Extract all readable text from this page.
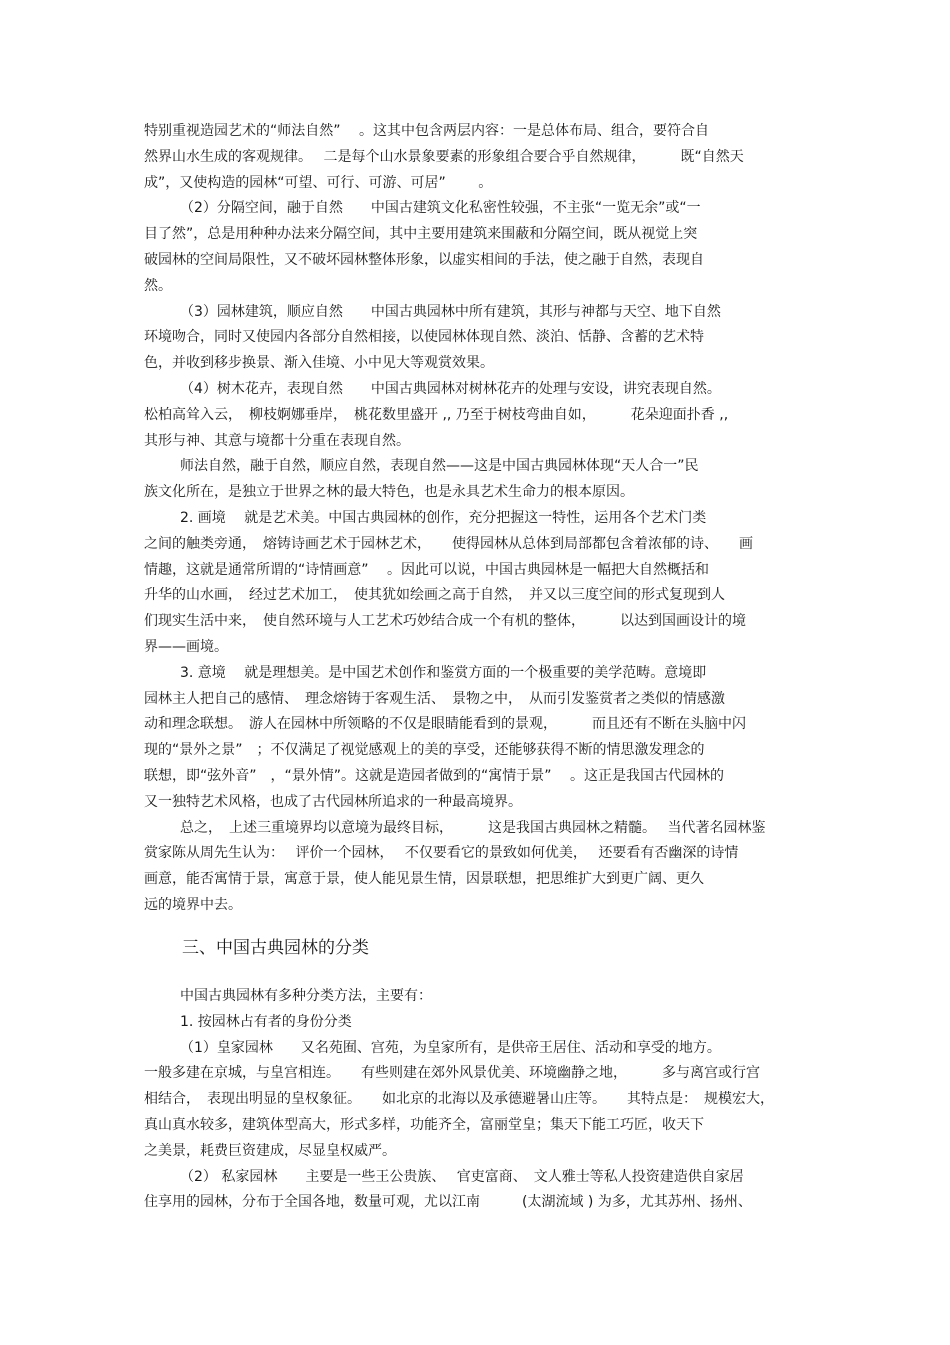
特别重视造园艺术的“师法自然”　 。这其中包含两层内容：一是总体布局、组合，要符合自
然界山水生成的客观规律。　 二是每个山水景象要素的形象组合要合乎自然规律，　　　既“自然天
成”，又使构造的园林“可望、可行、可游、可居”　　 。
（2）分隔空间，融于自然　　中国古建筑文化私密性较强，不主张“一览无余”或“一
目了然”，总是用种种办法来分隔空间，其中主要用建筑来围蔽和分隔空间，既从视觉上突
破园林的空间局限性，又不破坏园林整体形象，以虚实相间的手法，使之融于自然，表现自
然。
（3）园林建筑，顺应自然　　中国古典园林中所有建筑，其形与神都与天空、地下自然
环境吻合，同时又使园内各部分自然相接，以使园林体现自然、淡泊、恬静、含蓄的艺术特
色，并收到移步换景、渐入佳境、小中见大等观赏效果。
（4）树木花卉，表现自然　　中国古典园林对树林花卉的处理与安设，讲究表现自然。
松柏高耸入云，　柳枝婀娜垂岸，　桃花数里盛开 ,, 乃至于树枝弯曲自如，　　　花朵迎面扑香 ,,
其形与神、其意与境都十分重在表现自然。
师法自然，融于自然，顺应自然，表现自然——这是中国古典园林体现“天人合一”民
族文化所在，是独立于世界之林的最大特色，也是永具艺术生命力的根本原因。
2. 画境　 就是艺术美。中国古典园林的创作，充分把握这一特性，运用各个艺术门类
之间的触类旁通，　熔铸诗画艺术于园林艺术，　　使得园林从总体到局部都包含着浓郁的诗、　　画
情趣，这就是通常所谓的“诗情画意”　 。因此可以说，中国古典园林是一幅把大自然概括和
升华的山水画，　经过艺术加工，　使其犹如绘画之高于自然，　并又以三度空间的形式复现到人
们现实生活中来，　使自然环境与人工艺术巧妙结合成一个有机的整体，　　　以达到国画设计的境
界——画境。
3. 意境　 就是理想美。是中国艺术创作和鉴赏方面的一个极重要的美学范畴。意境即
园林主人把自己的感情、　理念熔铸于客观生活、　景物之中，　从而引发鉴赏者之类似的情感激
动和理念联想。　游人在园林中所领略的不仅是眼睛能看到的景观，　　　而且还有不断在头脑中闪
现的“景外之景”　；不仅满足了视觉感观上的美的享受，还能够获得不断的情思激发理念的
联想，即“弦外音”　，“景外情”。这就是造园者做到的“寓情于景”　 。这正是我国古代园林的
又一独特艺术风格，也成了古代园林所追求的一种最高境界。
总之，　上述三重境界均以意境为最终目标，　　　这是我国古典园林之精髓。　 当代著名园林鉴
赏家陈从周先生认为：　 评价一个园林，　 不仅要看它的景致如何优美，　 还要看有否幽深的诗情
画意，能否寓情于景，寓意于景，使人能见景生情，因景联想，把思维扩大到更广阔、更久
远的境界中去。
三、中国古典园林的分类
中国古典园林有多种分类方法，主要有：
1. 按园林占有者的身份分类
（1）皇家园林　　又名苑囿、宫苑，为皇家所有，是供帝王居住、活动和享受的地方。
一般多建在京城，与皇宫相连。　　有些则建在郊外风景优美、环境幽静之地，　　　多与离宫或行宫
相结合，　表现出明显的皇权象征。　　如北京的北海以及承德避暑山庄等。　　其特点是：　规模宏大，
真山真水较多，建筑体型高大，形式多样，功能齐全，富丽堂皇；集天下能工巧匠，收天下
之美景，耗费巨资建成，尽显皇权威严。
（2） 私家园林　　主要是一些王公贵族、　 官吏富商、　文人雅士等私人投资建造供自家居
住享用的园林，分布于全国各地，数量可观，尤以江南　　　(太湖流域 ) 为多，尤其苏州、扬州、
